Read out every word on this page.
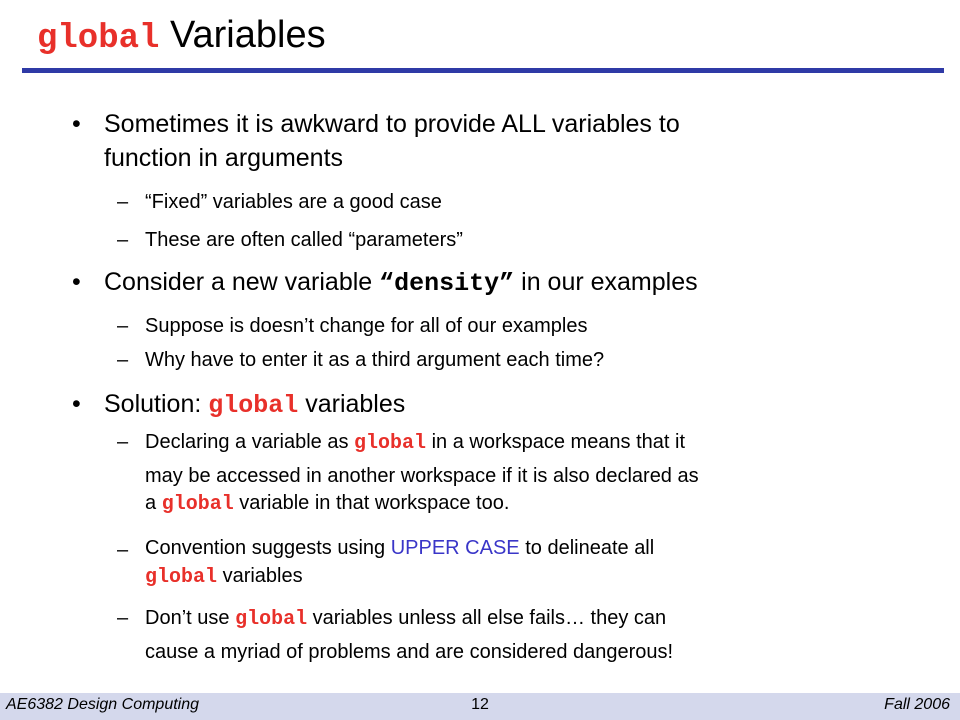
global Variables
• Sometimes it is awkward to provide ALL variables to
function in arguments
– “Fixed” variables are a good case
– These are often called “parameters”
• Consider a new variable “density” in our examples
– Suppose is doesn’t change for all of our examples
– Why have to enter it as a third argument each time?
• Solution: global variables
– Declaring a variable as global in a workspace means that it
may be accessed in another workspace if it is also declared as
a global variable in that workspace too.
– Convention suggests using UPPER CASE to delineate all
global variables
– Don’t use global variables unless all else fails… they can
cause a myriad of problems and are considered dangerous!
AE6382 Design Computing	12	Fall 2006
